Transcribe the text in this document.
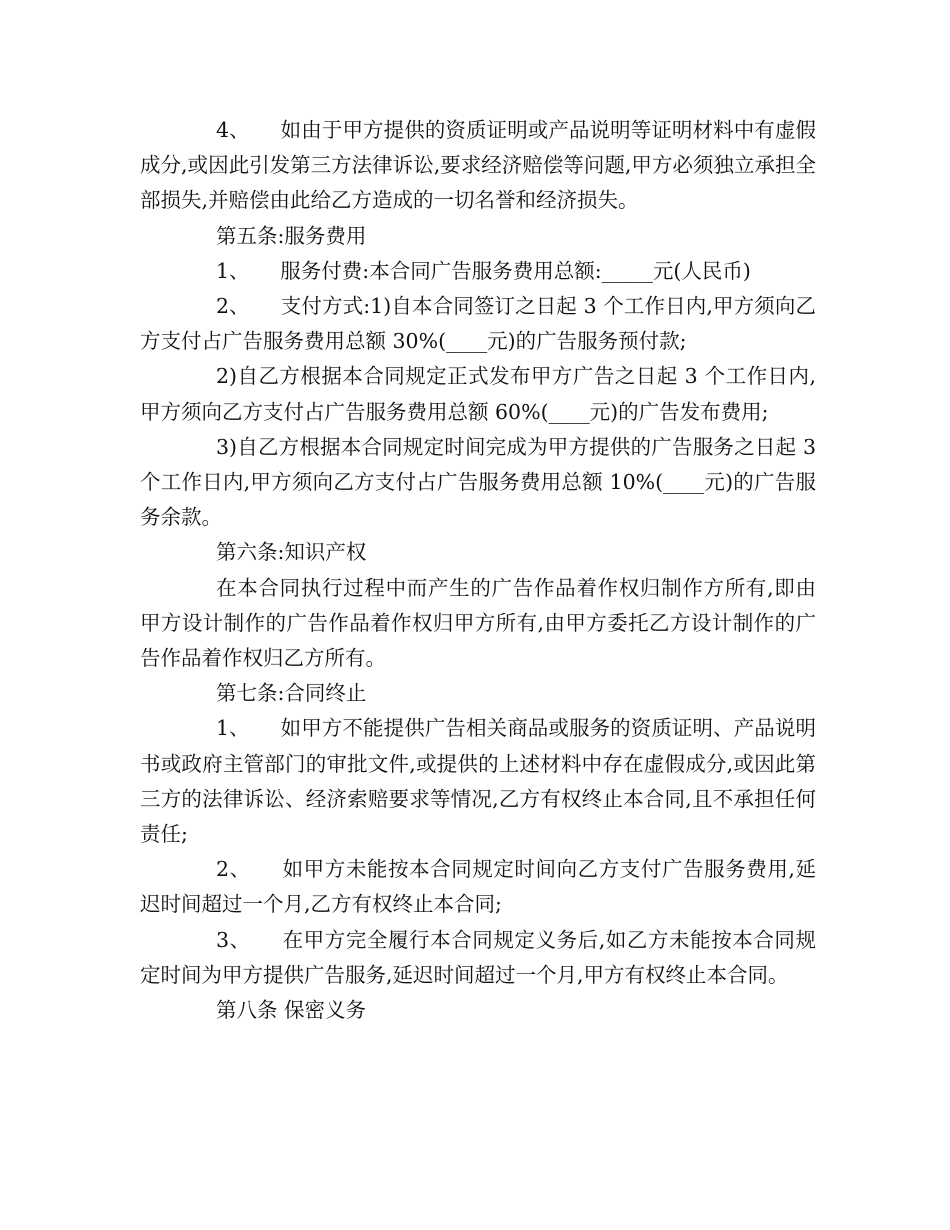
4、　　如由于甲方提供的资质证明或产品说明等证明材料中有虚假成分,或因此引发第三方法律诉讼,要求经济赔偿等问题,甲方必须独立承担全部损失,并赔偿由此给乙方造成的一切名誉和经济损失。

第五条:服务费用

1、　　服务付费:本合同广告服务费用总额:_____元(人民币)

2、　　支付方式:1)自本合同签订之日起 3 个工作日内,甲方须向乙方支付占广告服务费用总额 30%(____元)的广告服务预付款;

2)自乙方根据本合同规定正式发布甲方广告之日起 3 个工作日内,甲方须向乙方支付占广告服务费用总额 60%(____元)的广告发布费用;

3)自乙方根据本合同规定时间完成为甲方提供的广告服务之日起 3 个工作日内,甲方须向乙方支付占广告服务费用总额 10%(____元)的广告服务余款。

第六条:知识产权

在本合同执行过程中而产生的广告作品着作权归制作方所有,即由甲方设计制作的广告作品着作权归甲方所有,由甲方委托乙方设计制作的广告作品着作权归乙方所有。

第七条:合同终止

1、　　如甲方不能提供广告相关商品或服务的资质证明、产品说明书或政府主管部门的审批文件,或提供的上述材料中存在虚假成分,或因此第三方的法律诉讼、经济索赔要求等情况,乙方有权终止本合同,且不承担任何责任;

2、　　如甲方未能按本合同规定时间向乙方支付广告服务费用,延迟时间超过一个月,乙方有权终止本合同;

3、　　在甲方完全履行本合同规定义务后,如乙方未能按本合同规定时间为甲方提供广告服务,延迟时间超过一个月,甲方有权终止本合同。

第八条 保密义务
